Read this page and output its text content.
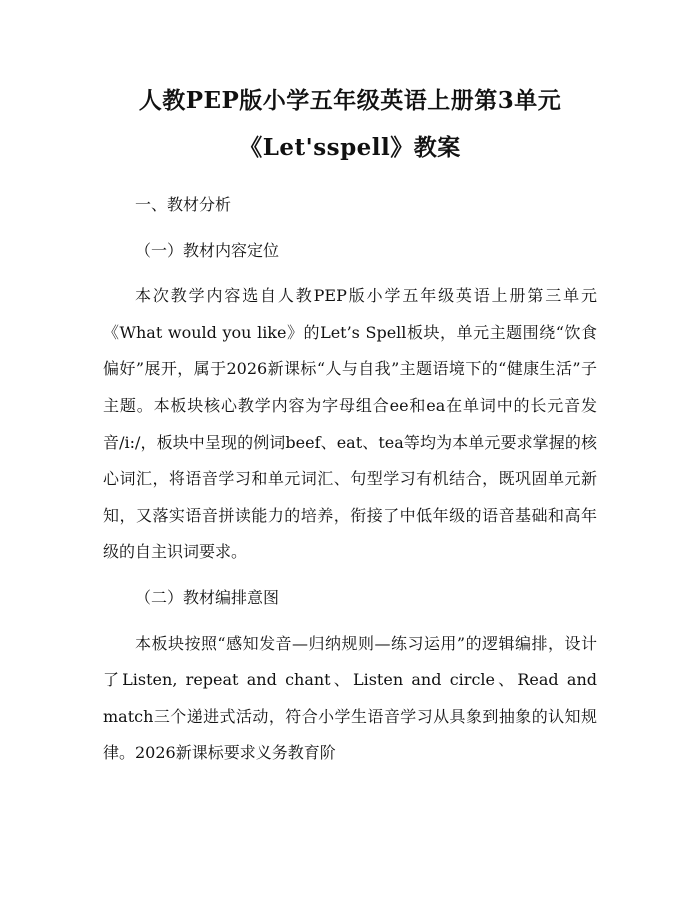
人教PEP版小学五年级英语上册第3单元
《Let'sspell》教案

一、教材分析

（一）教材内容定位

本次教学内容选自人教PEP版小学五年级英语上册第三单元《What would you like》的Let’s Spell板块，单元主题围绕“饮食偏好”展开，属于2026新课标“人与自我”主题语境下的“健康生活”子主题。本板块核心教学内容为字母组合ee和ea在单词中的长元音发音/i:/，板块中呈现的例词beef、eat、tea等均为本单元要求掌握的核心词汇，将语音学习和单元词汇、句型学习有机结合，既巩固单元新知，又落实语音拼读能力的培养，衔接了中低年级的语音基础和高年级的自主识词要求。

（二）教材编排意图

本板块按照“感知发音—归纳规则—练习运用”的逻辑编排，设计了Listen, repeat and chant、Listen and circle、Read and match三个递进式活动，符合小学生语音学习从具象到抽象的认知规律。2026新课标要求义务教育阶
